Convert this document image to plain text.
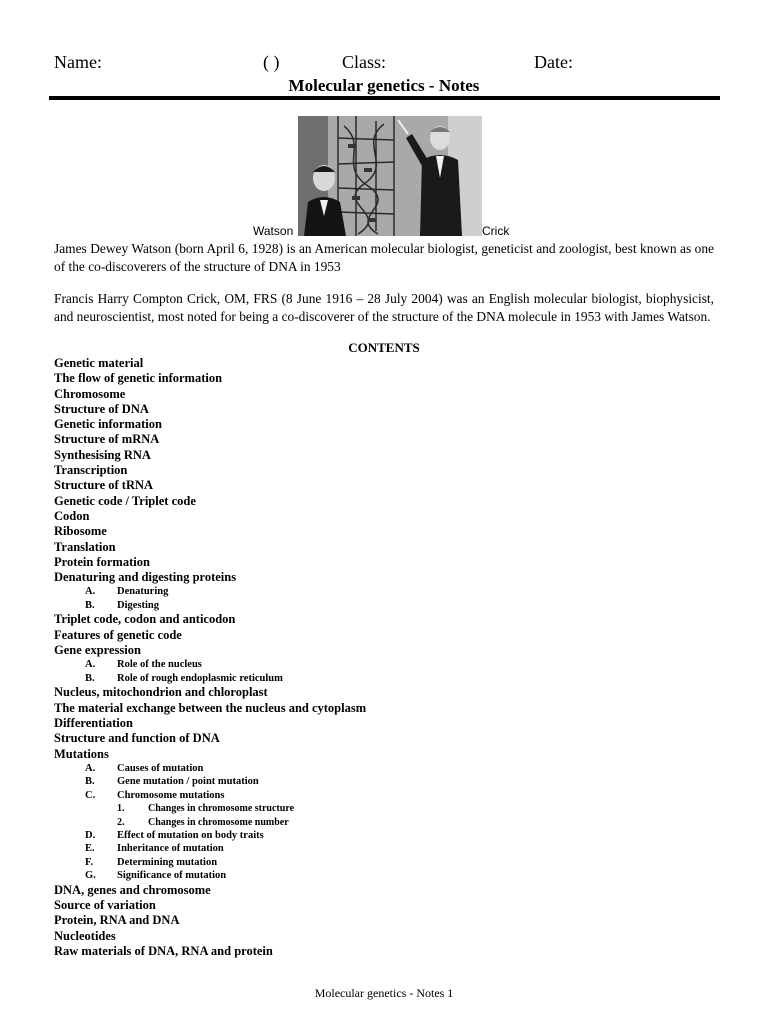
Name:	( )	Class:	Date:
Molecular genetics - Notes
Watson	Crick
James Dewey Watson (born April 6, 1928) is an American molecular biologist, geneticist and zoologist, best known as one of the co-discoverers of the structure of DNA in 1953
Francis Harry Compton Crick, OM, FRS (8 June 1916 – 28 July 2004) was an English molecular biologist, biophysicist, and neuroscientist, most noted for being a co-discoverer of the structure of the DNA molecule in 1953 with James Watson.
CONTENTS
Genetic material
The flow of genetic information
Chromosome
Structure of DNA
Genetic information
Structure of mRNA
Synthesising RNA
Transcription
Structure of tRNA
Genetic code / Triplet code
Codon
Ribosome
Translation
Protein formation
Denaturing and digesting proteins
A. Denaturing
B. Digesting
Triplet code, codon and anticodon
Features of genetic code
Gene expression
A. Role of the nucleus
B. Role of rough endoplasmic reticulum
Nucleus, mitochondrion and chloroplast
The material exchange between the nucleus and cytoplasm
Differentiation
Structure and function of DNA
Mutations
A. Causes of mutation
B. Gene mutation / point mutation
C. Chromosome mutations
1. Changes in chromosome structure
2. Changes in chromosome number
D. Effect of mutation on body traits
E. Inheritance of mutation
F. Determining mutation
G. Significance of mutation
DNA, genes and chromosome
Source of variation
Protein, RNA and DNA
Nucleotides
Raw materials of DNA, RNA and protein
Molecular genetics - Notes 1
